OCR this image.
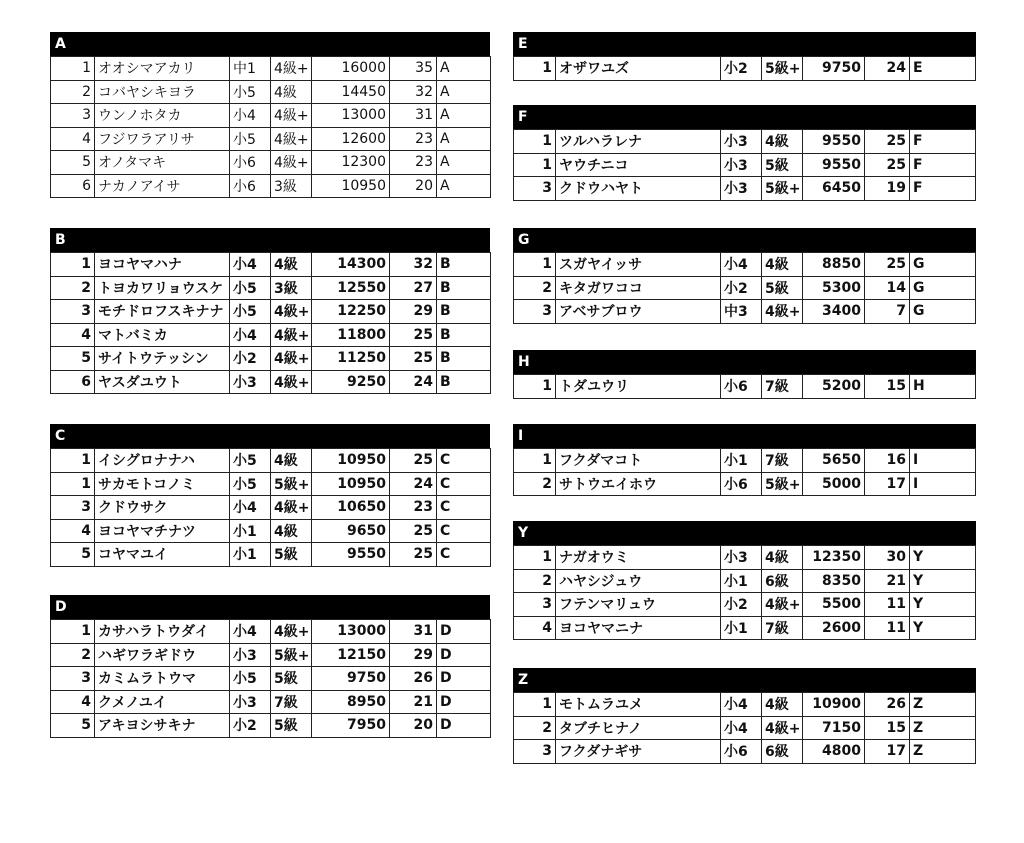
A
1	オオシマアカリ	中1	4級+	16000	35	A
2	コバヤシキヨラ	小5	4級	14450	32	A
3	ウンノホタカ	小4	4級+	13000	31	A
4	フジワラアリサ	小5	4級+	12600	23	A
5	オノタマキ	小6	4級+	12300	23	A
6	ナカノアイサ	小6	3級	10950	20	A
B
1	ヨコヤマハナ	小4	4級	14300	32	B
2	トヨカワリョウスケ	小5	3級	12550	27	B
3	モチドロフスキナナ	小5	4級+	12250	29	B
4	マトバミカ	小4	4級+	11800	25	B
5	サイトウテッシン	小2	4級+	11250	25	B
6	ヤスダユウト	小3	4級+	9250	24	B
C
1	イシグロナナハ	小5	4級	10950	25	C
1	サカモトコノミ	小5	5級+	10950	24	C
3	クドウサク	小4	4級+	10650	23	C
4	ヨコヤマチナツ	小1	4級	9650	25	C
5	コヤマユイ	小1	5級	9550	25	C
D
1	カサハラトウダイ	小4	4級+	13000	31	D
2	ハギワラギドウ	小3	5級+	12150	29	D
3	カミムラトウマ	小5	5級	9750	26	D
4	クメノユイ	小3	7級	8950	21	D
5	アキヨシサキナ	小2	5級	7950	20	D
E
1	オザワユズ	小2	5級+	9750	24	E
F
1	ツルハラレナ	小3	4級	9550	25	F
1	ヤウチニコ	小3	5級	9550	25	F
3	クドウハヤト	小3	5級+	6450	19	F
G
1	スガヤイッサ	小4	4級	8850	25	G
2	キタガワココ	小2	5級	5300	14	G
3	アベサブロウ	中3	4級+	3400	7	G
H
1	トダユウリ	小6	7級	5200	15	H
I
1	フクダマコト	小1	7級	5650	16	I
2	サトウエイホウ	小6	5級+	5000	17	I
Y
1	ナガオウミ	小3	4級	12350	30	Y
2	ハヤシジュウ	小1	6級	8350	21	Y
3	フテンマリュウ	小2	4級+	5500	11	Y
4	ヨコヤマニナ	小1	7級	2600	11	Y
Z
1	モトムラユメ	小4	4級	10900	26	Z
2	タブチヒナノ	小4	4級+	7150	15	Z
3	フクダナギサ	小6	6級	4800	17	Z
